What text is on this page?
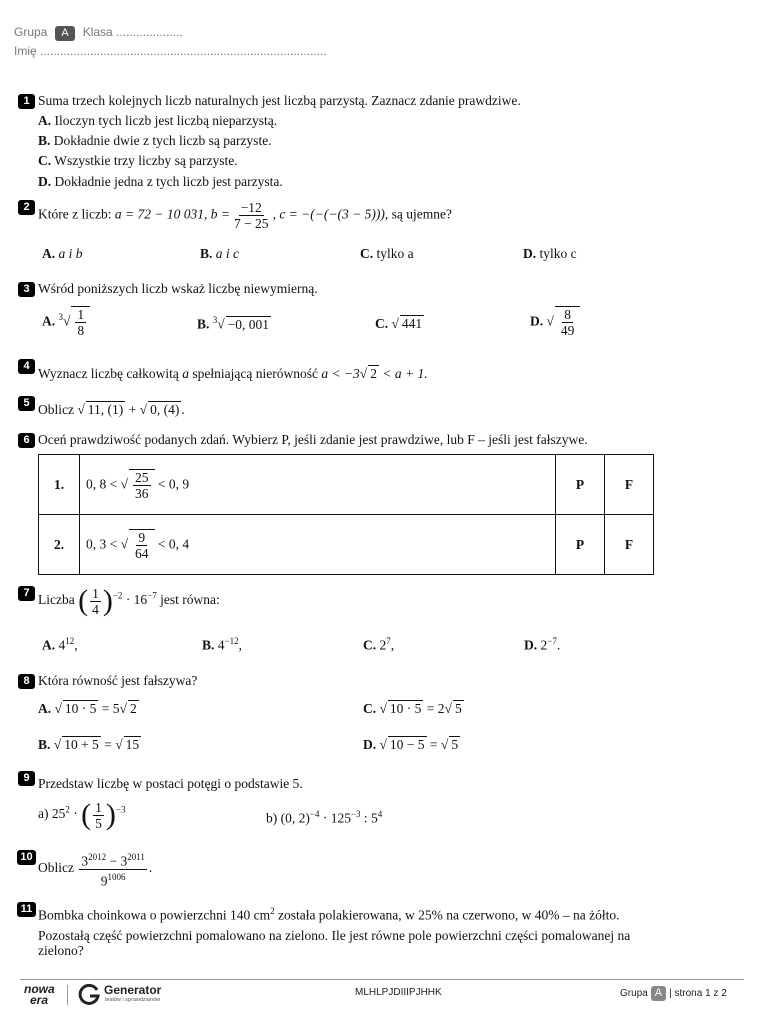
Grupa A Klasa ....................
Imię ......................................................................................
1 Suma trzech kolejnych liczb naturalnych jest liczbą parzystą. Zaznacz zdanie prawdziwe.
A. Iloczyn tych liczb jest liczbą nieparzystą.
B. Dokładnie dwie z tych liczb są parzyste.
C. Wszystkie trzy liczby są parzyste.
D. Dokładnie jedna z tych liczb jest parzysta.
2 Które z liczb: a = 72 − 10 031, $b = \frac{-12}{7 - 25}$ , c = −(−(−(3 − 5))), są ujemne?
A. a i b	B. a i c	C. tylko a	D. tylko c
3 Wśród poniższych liczb wskaż liczbę niewymierną.
A. $^3√ \frac{1}{8}$	B. $^3$√ −0, 001	C. √ 441	D. √ $\frac{8}{49}$
4 Wyznacz liczbę całkowitą a spełniającą nierówność a < −3√ 2 < a + 1.
5 Oblicz √ 11, (1) + √ 0, (4) .
6 Oceń prawdziwość podanych zdań. Wybierz P, jeśli zdanie jest prawdziwe, lub F – jeśli jest fałszywe.
1.	0, 8 < √ $\frac{25}{36} < 0$, 9	P	F
2.	0, 3 < √ $\frac{9}{64} < 0$, 4	P	F
7 Liczba ( $\frac{1}{4} )^{-2} \cdot 16^{-7}$ jest równa:
A. $4^{12}$,	B. $4^{-12}$,	C. $2^7$,	D. $2^{-7}$.
8 Która równość jest fałszywa?
A. √ 10 · 5 = 5√ 2	C. √ 10 · 5 = 2√ 5
B. √ 10 + 5 = √ 15	D. √ 10 − 5 = √ 5
9 Przedstaw liczbę w postaci potęgi o podstawie 5.
a) $25^2$ · ( $\frac{1}{5} )^{-3}$
b) (0, $2)^{-4} \cdot 125^{-3}$ : $5^4$
10
Oblicz $\frac{3^{2012} - 3^{2011}}{9^{1006}}$ .
11 Bombka choinkowa o powierzchni 140 $cm^2$ została polakierowana, w 25% na czerwono, w 40% – na żółto.
Pozostałą część powierzchni pomalowano na zielono. Ile jest równe pole powierzchni części pomalowanej na
zielono?
nowa
era
Generator
testów i sprawdzianów
MLHLPJDIIIPJHHK	Grupa A | strona 1 z 2
